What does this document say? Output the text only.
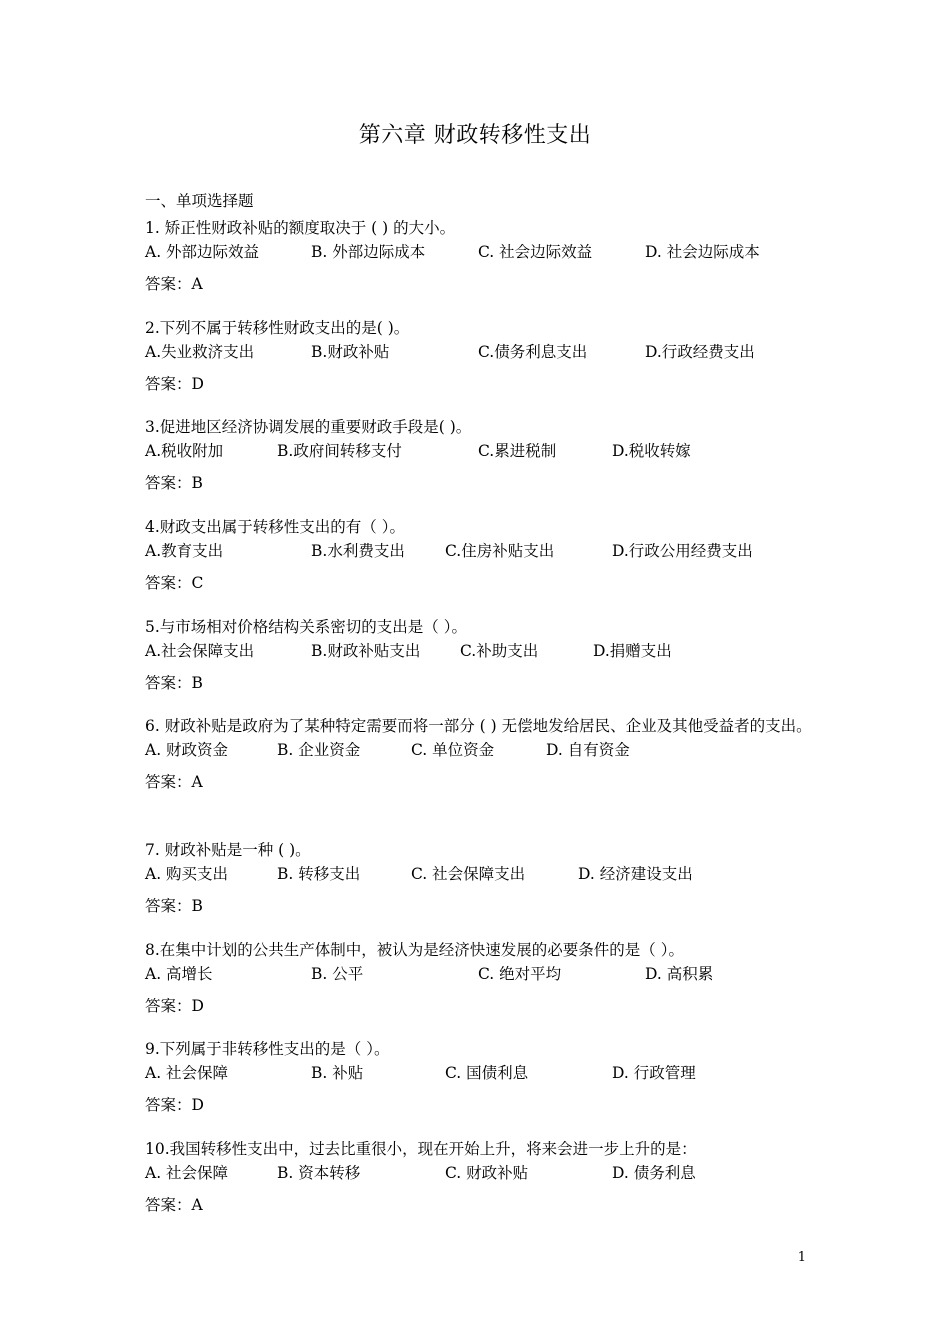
第六章 财政转移性支出
一、单项选择题

1. 矫正性财政补贴的额度取决于 ( ) 的大小。

A. 外部边际效益	B. 外部边际成本	C. 社会边际效益	D. 社会边际成本
答案：A

2.下列不属于转移性财政支出的是( )。

A.失业救济支出	B.财政补贴	C.债务利息支出	D.行政经费支出
答案：D

3.促进地区经济协调发展的重要财政手段是( )。

A.税收附加	B.政府间转移支付	C.累进税制	D.税收转嫁
答案：B

4.财政支出属于转移性支出的有（ ）。

A.教育支出	B.水利费支出	C.住房补贴支出	D.行政公用经费支出
答案：C

5.与市场相对价格结构关系密切的支出是（ ）。

A.社会保障支出	B.财政补贴支出	C.补助支出	D.捐赠支出
答案：B

6. 财政补贴是政府为了某种特定需要而将一部分 ( ) 无偿地发给居民、企业及其他受益者的支出。

A. 财政资金	B. 企业资金	C. 单位资金	D. 自有资金
答案：A

7. 财政补贴是一种 ( )。

A. 购买支出	B. 转移支出	C. 社会保障支出	D. 经济建设支出
答案：B

8.在集中计划的公共生产体制中，被认为是经济快速发展的必要条件的是（ ）。

A. 高增长	B. 公平	C. 绝对平均	D. 高积累
答案：D

9.下列属于非转移性支出的是（ ）。

A. 社会保障	B. 补贴	C. 国债利息	D. 行政管理
答案：D

10.我国转移性支出中，过去比重很小，现在开始上升，将来会进一步上升的是：

A. 社会保障	B. 资本转移	C. 财政补贴	D. 债务利息
答案：A
1
